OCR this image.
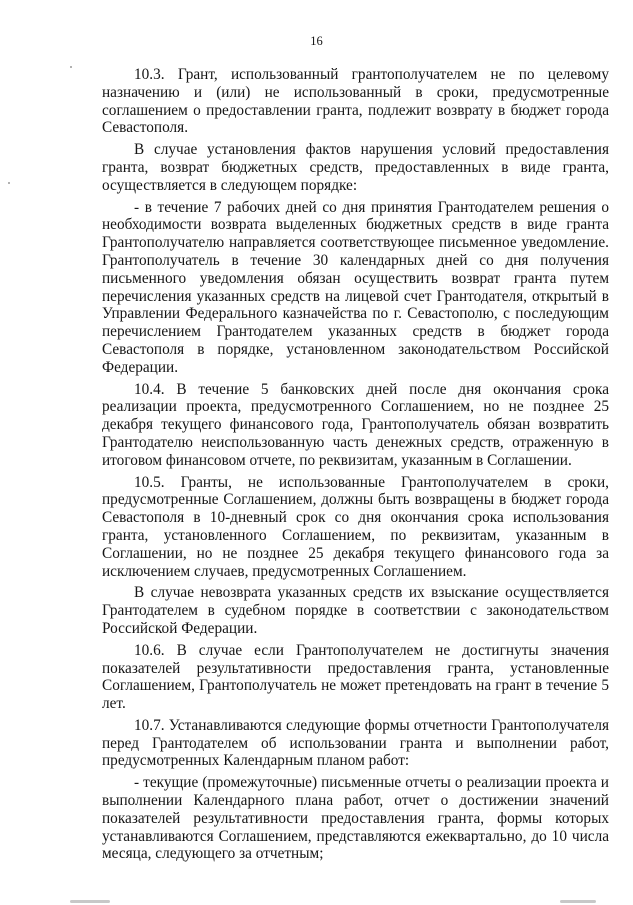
16

10.3. Грант, использованный грантополучателем не по целевому назначению и (или) не использованный в сроки, предусмотренные соглашением о предоставлении гранта, подлежит возврату в бюджет города Севастополя.

В случае установления фактов нарушения условий предоставления гранта, возврат бюджетных средств, предоставленных в виде гранта, осуществляется в следующем порядке:

- в течение 7 рабочих дней со дня принятия Грантодателем решения о необходимости возврата выделенных бюджетных средств в виде гранта Грантополучателю направляется соответствующее письменное уведомление. Грантополучатель в течение 30 календарных дней со дня получения письменного уведомления обязан осуществить возврат гранта путем перечисления указанных средств на лицевой счет Грантодателя, открытый в Управлении Федерального казначейства по г. Севастополю, с последующим перечислением Грантодателем указанных средств в бюджет города Севастополя в порядке, установленном законодательством Российской Федерации.

10.4. В течение 5 банковских дней после дня окончания срока реализации проекта, предусмотренного Соглашением, но не позднее 25 декабря текущего финансового года, Грантополучатель обязан возвратить Грантодателю неиспользованную часть денежных средств, отраженную в итоговом финансовом отчете, по реквизитам, указанным в Соглашении.

10.5. Гранты, не использованные Грантополучателем в сроки, предусмотренные Соглашением, должны быть возвращены в бюджет города Севастополя в 10-дневный срок со дня окончания срока использования гранта, установленного Соглашением, по реквизитам, указанным в Соглашении, но не позднее 25 декабря текущего финансового года за исключением случаев, предусмотренных Соглашением.

В случае невозврата указанных средств их взыскание осуществляется Грантодателем в судебном порядке в соответствии с законодательством Российской Федерации.

10.6. В случае если Грантополучателем не достигнуты значения показателей результативности предоставления гранта, установленные Соглашением, Грантополучатель не может претендовать на грант в течение 5 лет.

10.7. Устанавливаются следующие формы отчетности Грантополучателя перед Грантодателем об использовании гранта и выполнении работ, предусмотренных Календарным планом работ:

- текущие (промежуточные) письменные отчеты о реализации проекта и выполнении Календарного плана работ, отчет о достижении значений показателей результативности предоставления гранта, формы которых устанавливаются Соглашением, представляются ежеквартально, до 10 числа месяца, следующего за отчетным;
